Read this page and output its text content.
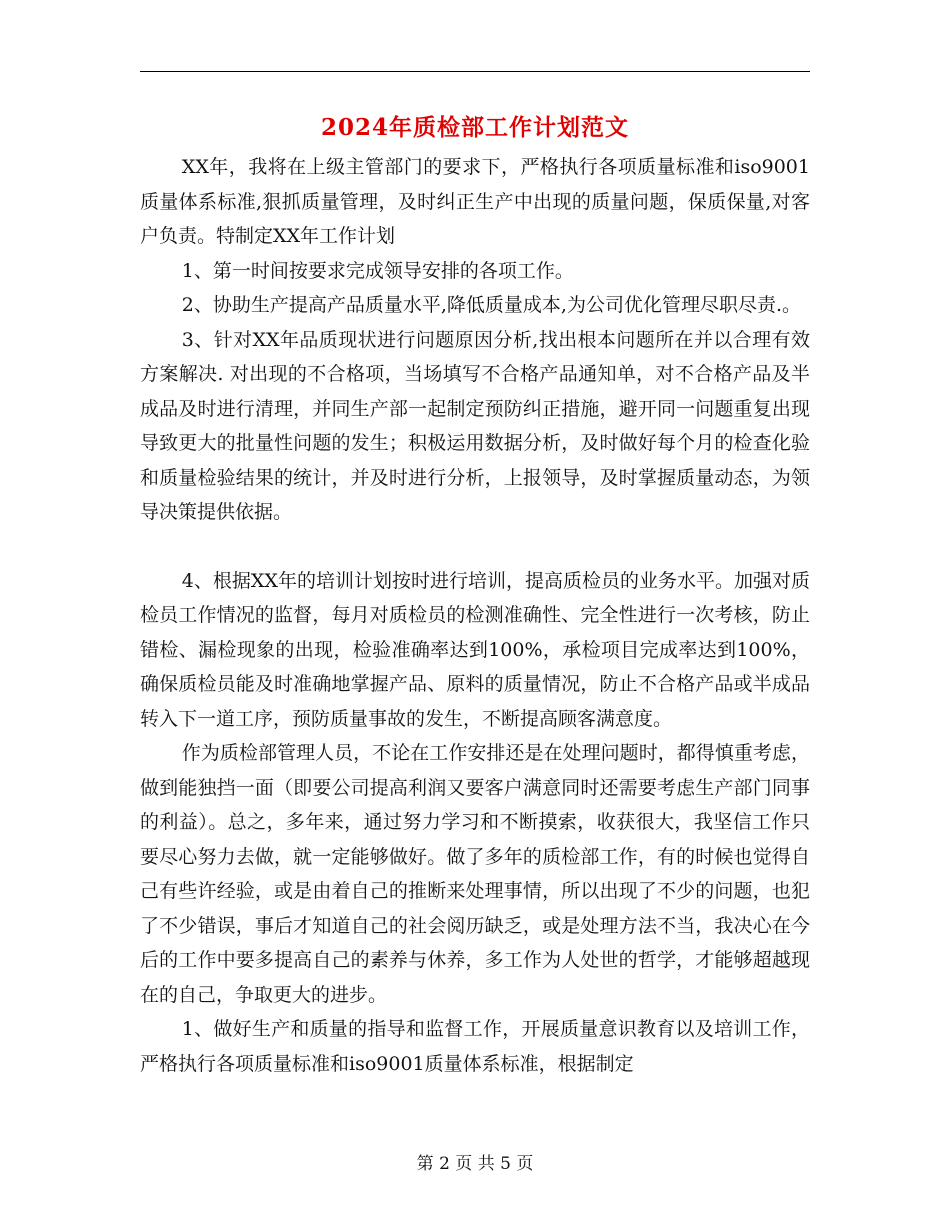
2024年质检部工作计划范文

XX年，我将在上级主管部门的要求下，严格执行各项质量标准和iso9001质量体系标准,狠抓质量管理，及时纠正生产中出现的质量问题，保质保量,对客户负责。特制定XX年工作计划

1、第一时间按要求完成领导安排的各项工作。

2、协助生产提高产品质量水平,降低质量成本,为公司优化管理尽职尽责.。

3、针对XX年品质现状进行问题原因分析,找出根本问题所在并以合理有效方案解决. 对出现的不合格项，当场填写不合格产品通知单，对不合格产品及半成品及时进行清理，并同生产部一起制定预防纠正措施，避开同一问题重复出现导致更大的批量性问题的发生；积极运用数据分析，及时做好每个月的检查化验和质量检验结果的统计，并及时进行分析，上报领导，及时掌握质量动态，为领导决策提供依据。

4、根据XX年的培训计划按时进行培训，提高质检员的业务水平。加强对质检员工作情况的监督，每月对质检员的检测准确性、完全性进行一次考核，防止错检、漏检现象的出现，检验准确率达到100%，承检项目完成率达到100%，确保质检员能及时准确地掌握产品、原料的质量情况，防止不合格产品或半成品转入下一道工序，预防质量事故的发生，不断提高顾客满意度。

作为质检部管理人员，不论在工作安排还是在处理问题时，都得慎重考虑，做到能独挡一面（即要公司提高利润又要客户满意同时还需要考虑生产部门同事的利益）。总之，多年来，通过努力学习和不断摸索，收获很大，我坚信工作只要尽心努力去做，就一定能够做好。做了多年的质检部工作，有的时候也觉得自己有些许经验，或是由着自己的推断来处理事情，所以出现了不少的问题，也犯了不少错误，事后才知道自己的社会阅历缺乏，或是处理方法不当，我决心在今后的工作中要多提高自己的素养与休养，多工作为人处世的哲学，才能够超越现在的自己，争取更大的进步。

1、做好生产和质量的指导和监督工作，开展质量意识教育以及培训工作，严格执行各项质量标准和iso9001质量体系标准，根据制定

第 2 页 共 5 页
